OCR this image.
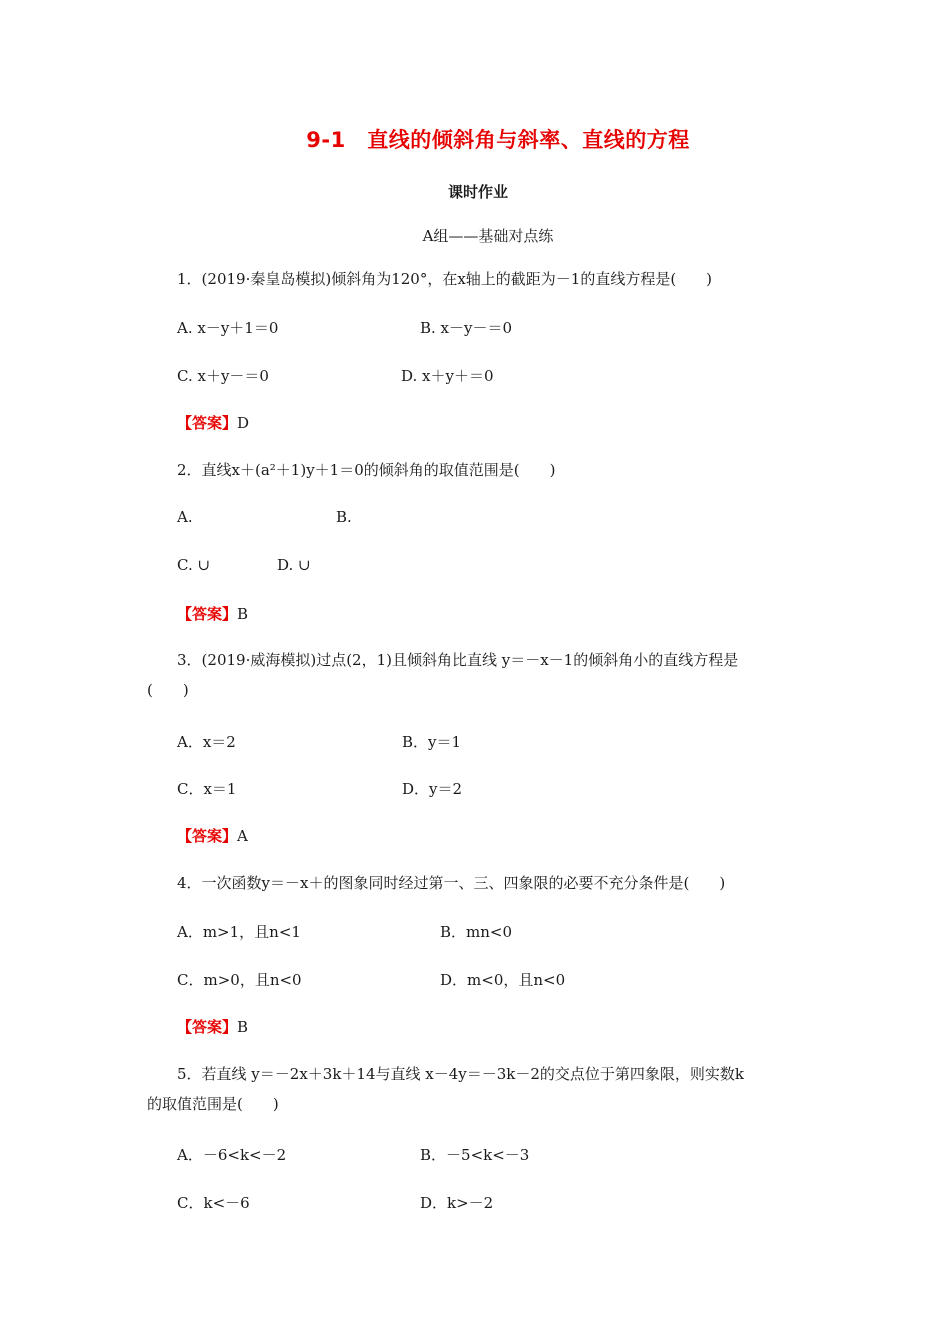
9-1　直线的倾斜角与斜率、直线的方程
课时作业
A组——基础对点练
1．(2019·秦皇岛模拟)倾斜角为120°，在x轴上的截距为－1的直线方程是(　　)
A. x－y＋1＝0	B. x－y－＝0
C. x＋y－＝0	D. x＋y＋＝0
【答案】D
2．直线x＋(a²＋1)y＋1＝0的倾斜角的取值范围是(　　)
A.	B.
C. ∪	D. ∪
【答案】B
3．(2019·威海模拟)过点(2，1)且倾斜角比直线 y＝－x－1的倾斜角小的直线方程是
(　　)
A．x＝2	B．y＝1
C．x＝1	D．y＝2
【答案】A
4．一次函数y＝－x＋的图象同时经过第一、三、四象限的必要不充分条件是(　　)
A．m>1，且n<1	B．mn<0
C．m>0，且n<0	D．m<0，且n<0
【答案】B
5．若直线 y＝－2x＋3k＋14与直线 x－4y＝－3k－2的交点位于第四象限，则实数k
的取值范围是(　　)
A．－6<k<－2	B．－5<k<－3
C．k<－6	D．k>－2
